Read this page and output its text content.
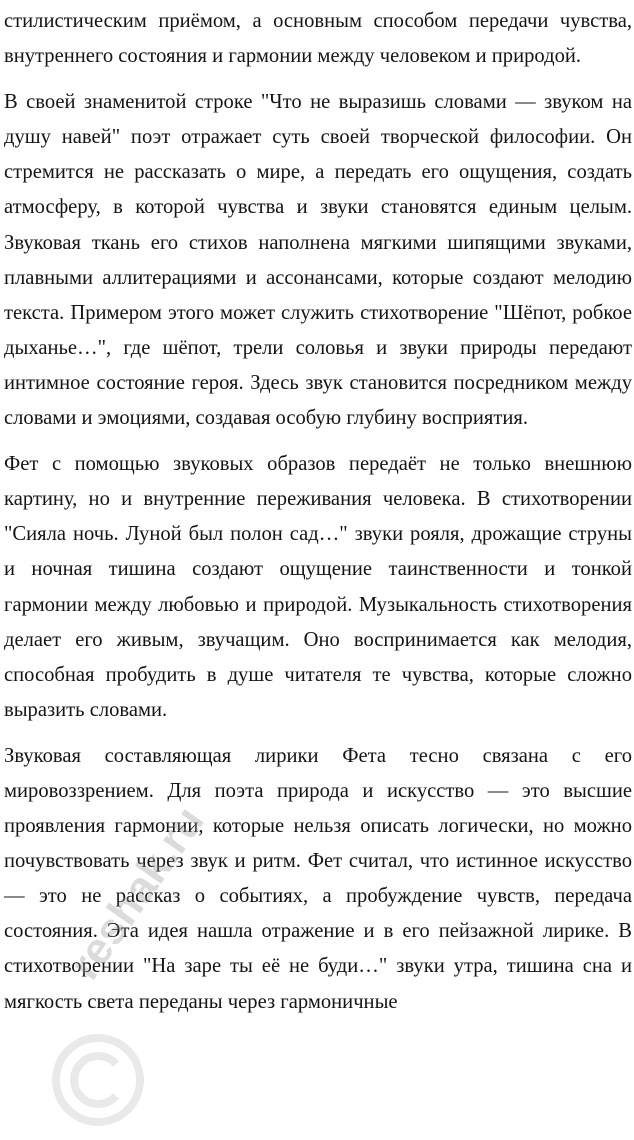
стилистическим приёмом, а основным способом передачи чувства, внутреннего состояния и гармонии между человеком и природой.

В своей знаменитой строке "Что не выразишь словами — звуком на душу навей" поэт отражает суть своей творческой философии. Он стремится не рассказать о мире, а передать его ощущения, создать атмосферу, в которой чувства и звуки становятся единым целым. Звуковая ткань его стихов наполнена мягкими шипящими звуками, плавными аллитерациями и ассонансами, которые создают мелодию текста. Примером этого может служить стихотворение "Шёпот, робкое дыханье…", где шёпот, трели соловья и звуки природы передают интимное состояние героя. Здесь звук становится посредником между словами и эмоциями, создавая особую глубину восприятия.

Фет с помощью звуковых образов передаёт не только внешнюю картину, но и внутренние переживания человека. В стихотворении "Сияла ночь. Луной был полон сад…" звуки рояля, дрожащие струны и ночная тишина создают ощущение таинственности и тонкой гармонии между любовью и природой. Музыкальность стихотворения делает его живым, звучащим. Оно воспринимается как мелодия, способная пробудить в душе читателя те чувства, которые сложно выразить словами.

Звуковая составляющая лирики Фета тесно связана с его мировоззрением. Для поэта природа и искусство — это высшие проявления гармонии, которые нельзя описать логически, но можно почувствовать через звук и ритм. Фет считал, что истинное искусство — это не рассказ о событиях, а пробуждение чувств, передача состояния. Эта идея нашла отражение и в его пейзажной лирике. В стихотворении "На заре ты её не буди…" звуки утра, тишина сна и мягкость света переданы через гармоничные

reshak.ru
